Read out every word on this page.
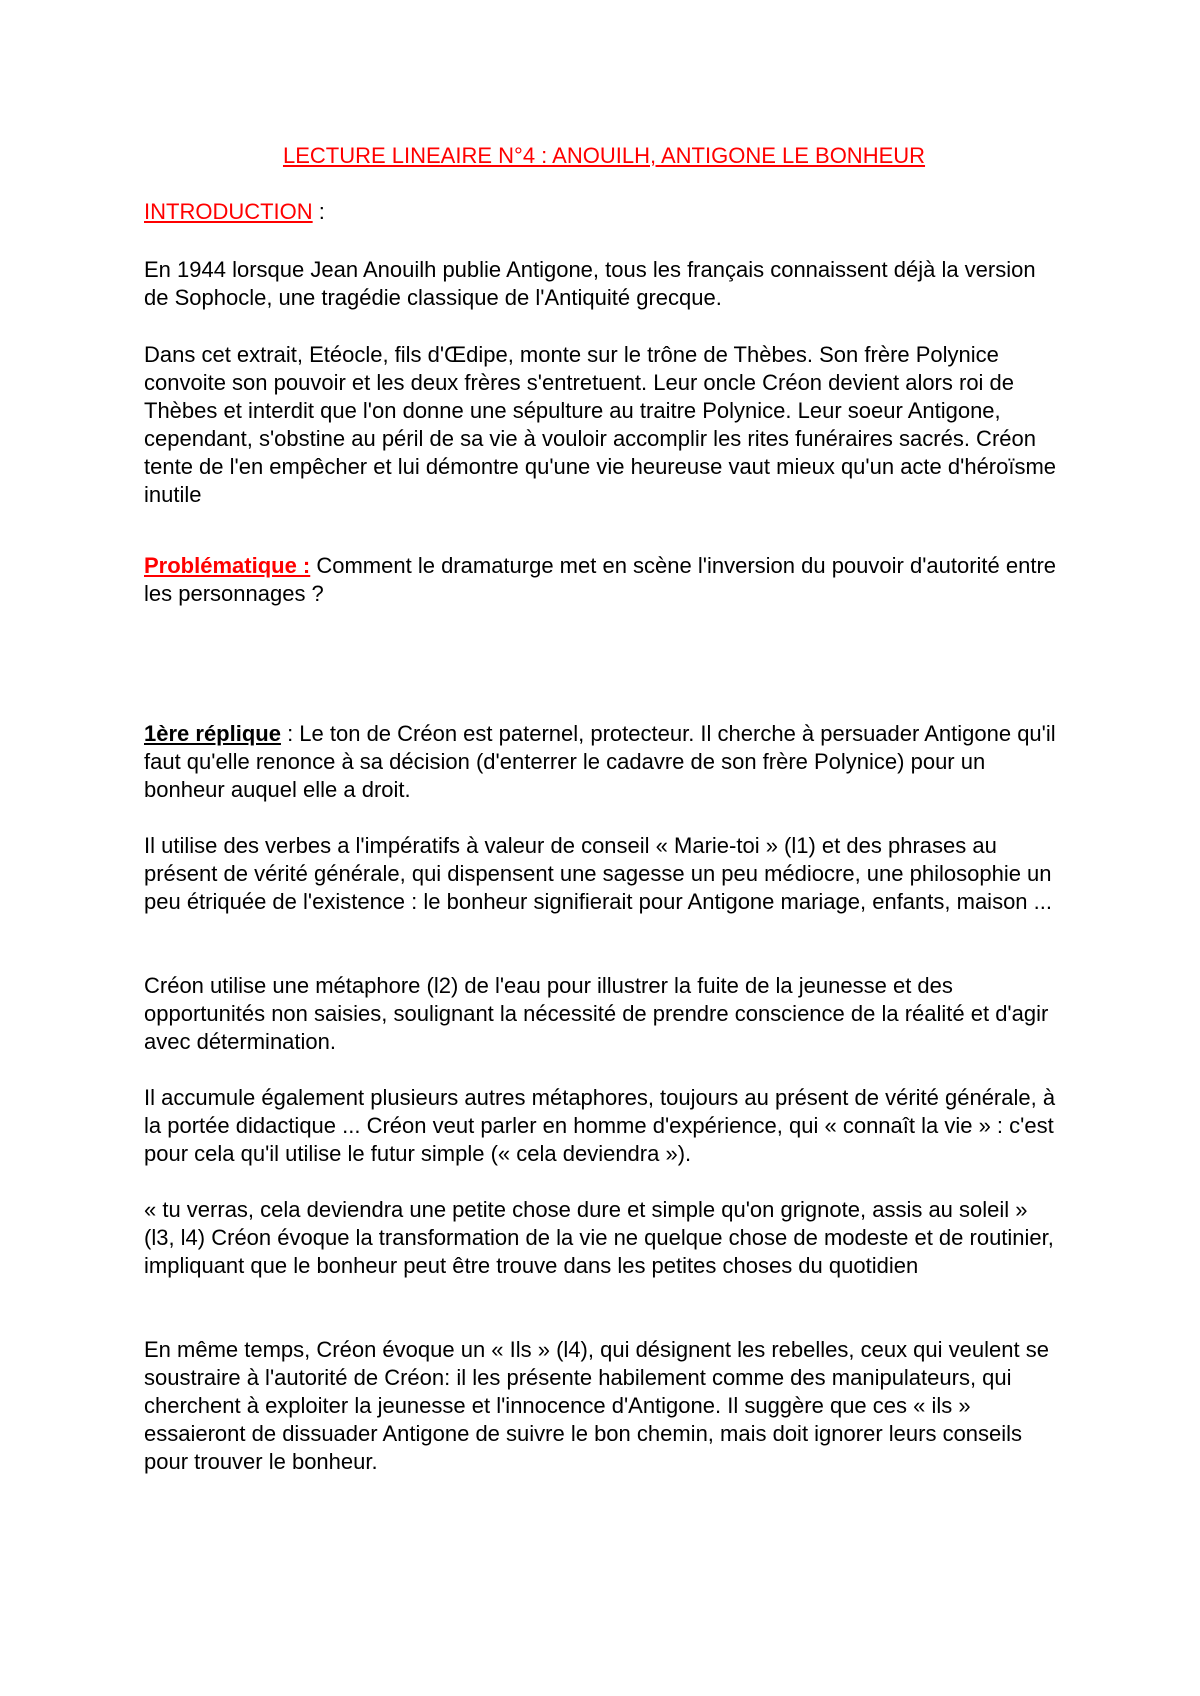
LECTURE LINEAIRE N°4 : ANOUILH, ANTIGONE LE BONHEUR

INTRODUCTION :

En 1944 lorsque Jean Anouilh publie Antigone, tous les français connaissent déjà la version de Sophocle, une tragédie classique de l'Antiquité grecque.

Dans cet extrait, Etéocle, fils d'Œdipe, monte sur le trône de Thèbes. Son frère Polynice convoite son pouvoir et les deux frères s'entretuent. Leur oncle Créon devient alors roi de Thèbes et interdit que l'on donne une sépulture au traitre Polynice. Leur soeur Antigone, cependant, s'obstine au péril de sa vie à vouloir accomplir les rites funéraires sacrés. Créon tente de l'en empêcher et lui démontre qu'une vie heureuse vaut mieux qu'un acte d'héroïsme inutile

Problématique : Comment le dramaturge met en scène l'inversion du pouvoir d'autorité entre les personnages ?

1ère réplique : Le ton de Créon est paternel, protecteur. Il cherche à persuader Antigone qu'il faut qu'elle renonce à sa décision (d'enterrer le cadavre de son frère Polynice) pour un bonheur auquel elle a droit.

Il utilise des verbes a l'impératifs à valeur de conseil « Marie-toi » (l1) et des phrases au présent de vérité générale, qui dispensent une sagesse un peu médiocre, une philosophie un peu étriquée de l'existence : le bonheur signifierait pour Antigone mariage, enfants, maison ...

Créon utilise une métaphore (l2) de l'eau pour illustrer la fuite de la jeunesse et des opportunités non saisies, soulignant la nécessité de prendre conscience de la réalité et d'agir avec détermination.

Il accumule également plusieurs autres métaphores, toujours au présent de vérité générale, à la portée didactique ... Créon veut parler en homme d'expérience, qui « connaît la vie » : c'est pour cela qu'il utilise le futur simple (« cela deviendra »).

« tu verras, cela deviendra une petite chose dure et simple qu'on grignote, assis au soleil » (l3, l4) Créon évoque la transformation de la vie ne quelque chose de modeste et de routinier, impliquant que le bonheur peut être trouve dans les petites choses du quotidien

En même temps, Créon évoque un « Ils » (l4), qui désignent les rebelles, ceux qui veulent se soustraire à l'autorité de Créon: il les présente habilement comme des manipulateurs, qui cherchent à exploiter la jeunesse et l'innocence d'Antigone. Il suggère que ces « ils » essaieront de dissuader Antigone de suivre le bon chemin, mais doit ignorer leurs conseils pour trouver le bonheur.
